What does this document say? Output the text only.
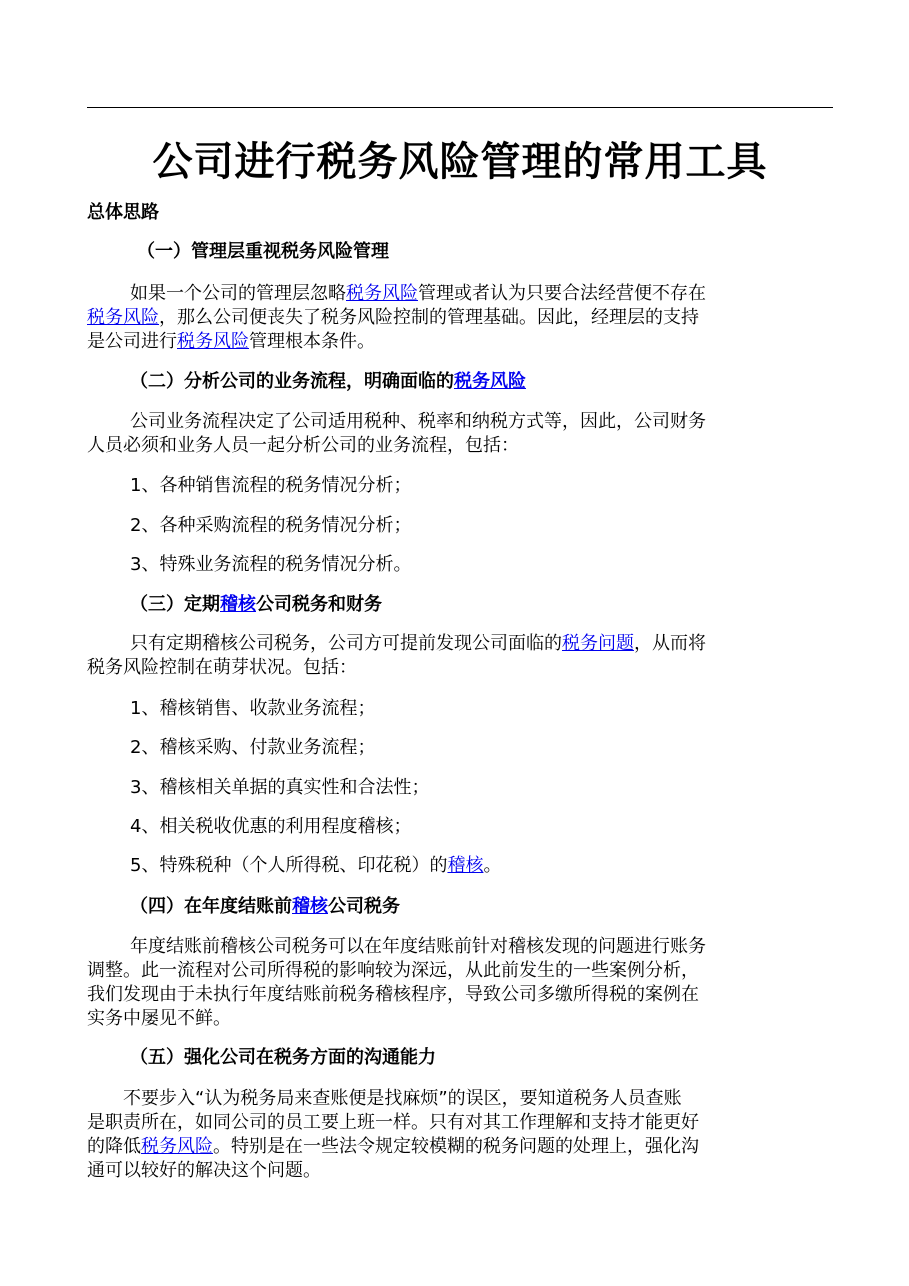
公司进行税务风险管理的常用工具
总体思路
（一）管理层重视税务风险管理
如果一个公司的管理层忽略税务风险管理或者认为只要合法经营便不存在
税务风险，那么公司便丧失了税务风险控制的管理基础。因此，经理层的支持
是公司进行税务风险管理根本条件。
（二）分析公司的业务流程，明确面临的税务风险
公司业务流程决定了公司适用税种、税率和纳税方式等，因此，公司财务
人员必须和业务人员一起分析公司的业务流程，包括：
1、各种销售流程的税务情况分析；
2、各种采购流程的税务情况分析；
3、特殊业务流程的税务情况分析。
（三）定期稽核公司税务和财务
只有定期稽核公司税务，公司方可提前发现公司面临的税务问题，从而将
税务风险控制在萌芽状况。包括：
1、稽核销售、收款业务流程；
2、稽核采购、付款业务流程；
3、稽核相关单据的真实性和合法性；
4、相关税收优惠的利用程度稽核；
5、特殊税种（个人所得税、印花税）的稽核。
（四）在年度结账前稽核公司税务
年度结账前稽核公司税务可以在年度结账前针对稽核发现的问题进行账务
调整。此一流程对公司所得税的影响较为深远，从此前发生的一些案例分析，
我们发现由于未执行年度结账前税务稽核程序，导致公司多缴所得税的案例在
实务中屡见不鲜。
（五）强化公司在税务方面的沟通能力
不要步入“认为税务局来查账便是找麻烦”的误区，要知道税务人员查账
是职责所在，如同公司的员工要上班一样。只有对其工作理解和支持才能更好
的降低税务风险。特别是在一些法令规定较模糊的税务问题的处理上，强化沟
通可以较好的解决这个问题。
